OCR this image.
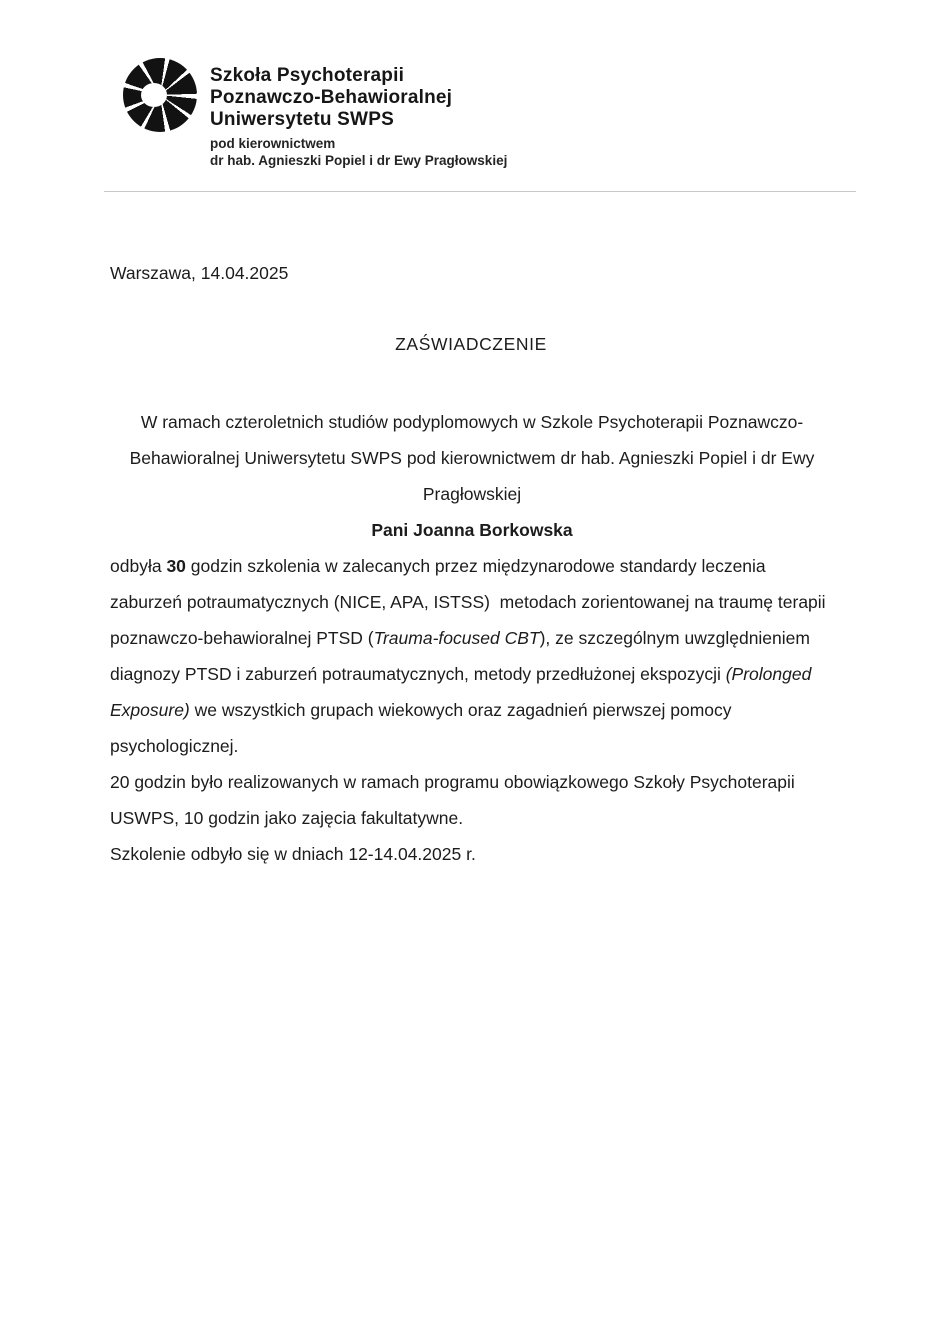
Szkoła Psychoterapii
Poznawczo-Behawioralnej
Uniwersytetu SWPS
pod kierownictwem
dr hab. Agnieszki Popiel i dr Ewy Pragłowskiej
Warszawa, 14.04.2025
ZAŚWIADCZENIE

W ramach czteroletnich studiów podyplomowych w Szkole Psychoterapii Poznawczo-Behawioralnej Uniwersytetu SWPS pod kierownictwem dr hab. Agnieszki Popiel i dr Ewy Pragłowskiej

Pani Joanna Borkowska

odbyła 30 godzin szkolenia w zalecanych przez międzynarodowe standardy leczenia zaburzeń potraumatycznych (NICE, APA, ISTSS)  metodach zorientowanej na traumę terapii poznawczo-behawioralnej PTSD (Trauma-focused CBT), ze szczególnym uwzględnieniem diagnozy PTSD i zaburzeń potraumatycznych, metody przedłużonej ekspozycji (Prolonged Exposure) we wszystkich grupach wiekowych oraz zagadnień pierwszej pomocy psychologicznej.

20 godzin było realizowanych w ramach programu obowiązkowego Szkoły Psychoterapii USWPS, 10 godzin jako zajęcia fakultatywne.

Szkolenie odbyło się w dniach 12-14.04.2025 r.
